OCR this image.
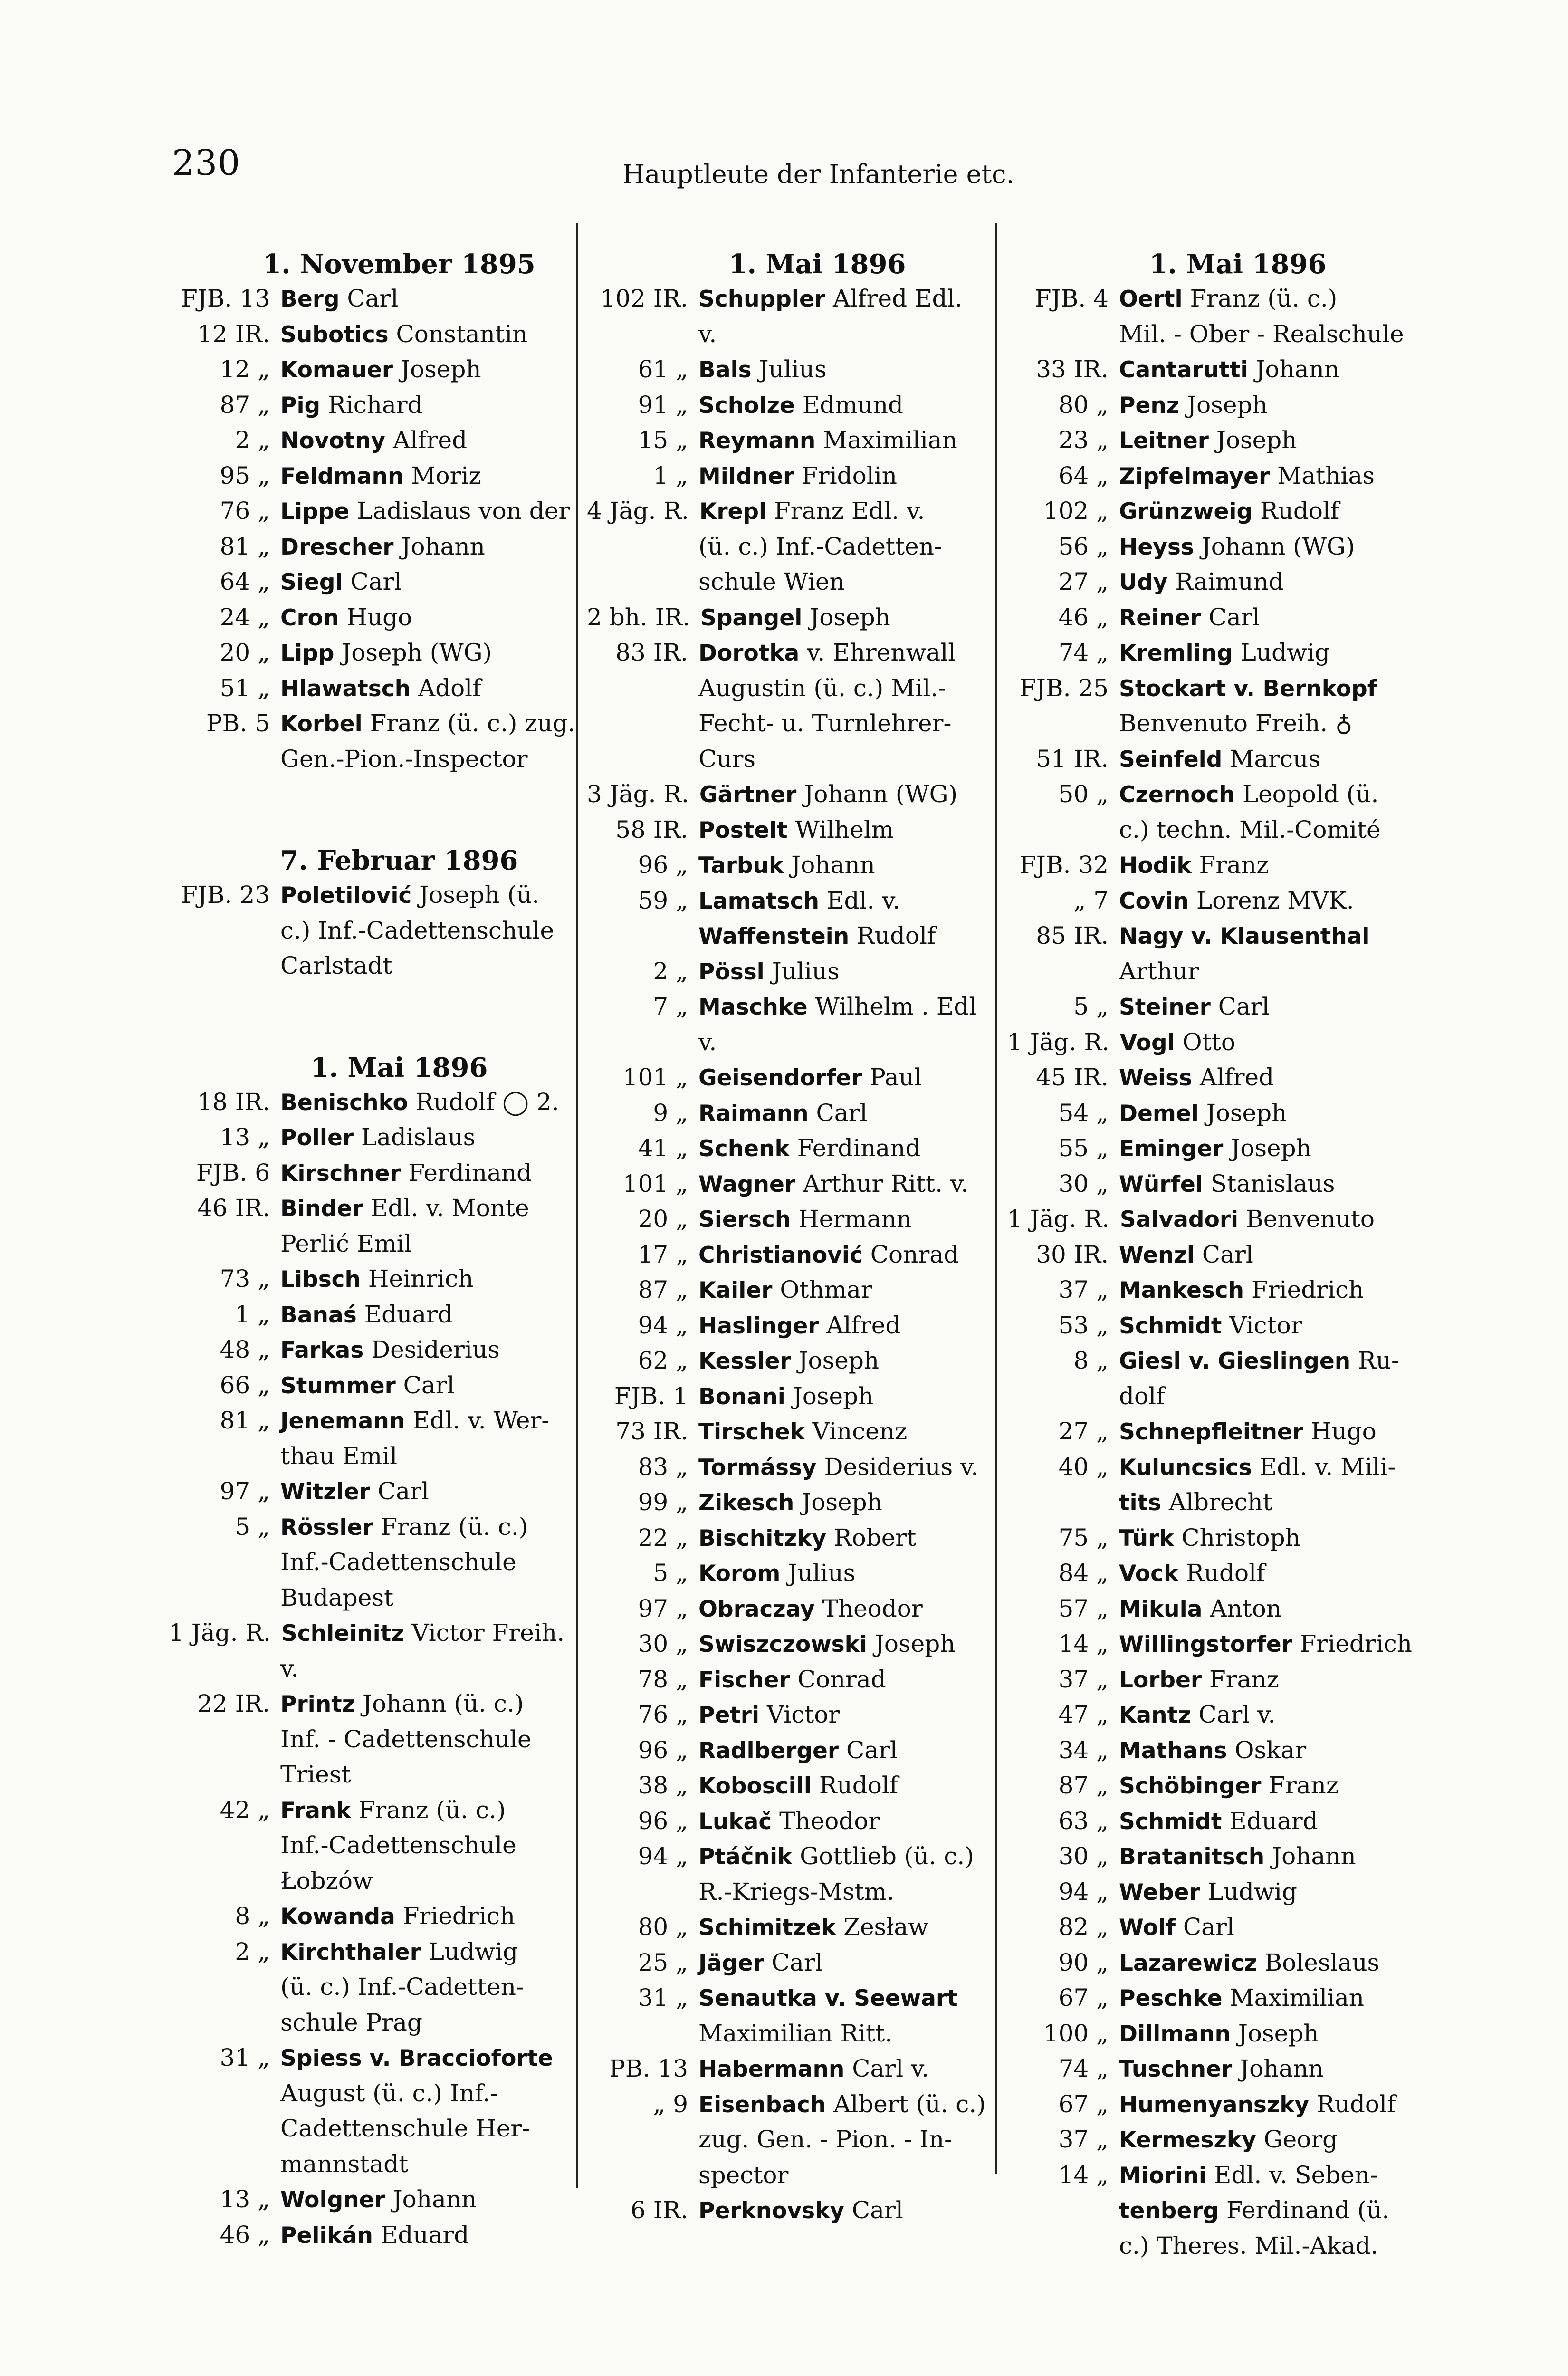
230	Hauptleute der Infanterie etc.
1. November 1895
FJB. 13 Berg Carl
12 IR. Subotics Constantin
12 „ Komauer Joseph
87 „ Pig Richard
2 „ Novotny Alfred
95 „ Feldmann Moriz
76 „ Lippe Ladislaus von der
81 „ Drescher Johann
64 „ Siegl Carl
24 „ Cron Hugo
20 „ Lipp Joseph (WG)
51 „ Hlawatsch Adolf
PB. 5 Korbel Franz (ü. c.) zug.
Gen.-Pion.-Inspector
7. Februar 1896
FJB. 23 Poletilović Joseph (ü.
c.) Inf.-Cadettenschule
Carlstadt
1. Mai 1896
18 IR. Benischko Rudolf ◯ 2.
13 „ Poller Ladislaus
FJB. 6 Kirschner Ferdinand
46 IR. Binder Edl. v. Monte
Perlić Emil
73 „ Libsch Heinrich
1 „ Banaś Eduard
48 „ Farkas Desiderius
66 „ Stummer Carl
81 „ Jenemann Edl. v. Wer-
thau Emil
97 „ Witzler Carl
5 „ Rössler Franz (ü. c.)
Inf.-Cadettenschule
Budapest
1 Jäg. R. Schleinitz Victor Freih.
v.
22 IR. Printz Johann (ü. c.)
Inf. - Cadettenschule
Triest
42 „ Frank Franz (ü. c.)
Inf.-Cadettenschule
Łobzów
8 „ Kowanda Friedrich
2 „ Kirchthaler Ludwig
(ü. c.) Inf.-Cadetten-
schule Prag
31 „ Spiess v. Braccioforte
August (ü. c.) Inf.-
Cadettenschule Her-
mannstadt
13 „ Wolgner Johann
46 „ Pelikán Eduard
1. Mai 1896
102 IR. Schuppler Alfred Edl.
v.
61 „ Bals Julius
91 „ Scholze Edmund
15 „ Reymann Maximilian
1 „ Mildner Fridolin
4 Jäg. R. Krepl Franz Edl. v.
(ü. c.) Inf.-Cadetten-
schule Wien
2 bh. IR. Spangel Joseph
83 IR. Dorotka v. Ehrenwall
Augustin (ü. c.) Mil.-
Fecht- u. Turnlehrer-
Curs
3 Jäg. R. Gärtner Johann (WG)
58 IR. Postelt Wilhelm
96 „ Tarbuk Johann
59 „ Lamatsch Edl. v.
Waffenstein Rudolf
2 „ Pössl Julius
7 „ Maschke Wilhelm . Edl
v.
101 „ Geisendorfer Paul
9 „ Raimann Carl
41 „ Schenk Ferdinand
101 „ Wagner Arthur Ritt. v.
20 „ Siersch Hermann
17 „ Christianović Conrad
87 „ Kailer Othmar
94 „ Haslinger Alfred
62 „ Kessler Joseph
FJB. 1 Bonani Joseph
73 IR. Tirschek Vincenz
83 „ Tormássy Desiderius v.
99 „ Zikesch Joseph
22 „ Bischitzky Robert
5 „ Korom Julius
97 „ Obraczay Theodor
30 „ Swiszczowski Joseph
78 „ Fischer Conrad
76 „ Petri Victor
96 „ Radlberger Carl
38 „ Koboscill Rudolf
96 „ Lukač Theodor
94 „ Ptáčnik Gottlieb (ü. c.)
R.-Kriegs-Mstm.
80 „ Schimitzek Zesław
25 „ Jäger Carl
31 „ Senautka v. Seewart
Maximilian Ritt.
PB. 13 Habermann Carl v.
„ 9 Eisenbach Albert (ü. c.)
zug. Gen. - Pion. - In-
spector
6 IR. Perknovsky Carl
1. Mai 1896
FJB. 4 Oertl Franz (ü. c.)
Mil. - Ober - Realschule
33 IR. Cantarutti Johann
80 „ Penz Joseph
23 „ Leitner Joseph
64 „ Zipfelmayer Mathias
102 „ Grünzweig Rudolf
56 „ Heyss Johann (WG)
27 „ Udy Raimund
46 „ Reiner Carl
74 „ Kremling Ludwig
FJB. 25 Stockart v. Bernkopf
Benvenuto Freih. ♁
51 IR. Seinfeld Marcus
50 „ Czernoch Leopold (ü.
c.) techn. Mil.-Comité
FJB. 32 Hodik Franz
„ 7 Covin Lorenz MVK.
85 IR. Nagy v. Klausenthal
Arthur
5 „ Steiner Carl
1 Jäg. R. Vogl Otto
45 IR. Weiss Alfred
54 „ Demel Joseph
55 „ Eminger Joseph
30 „ Würfel Stanislaus
1 Jäg. R. Salvadori Benvenuto
30 IR. Wenzl Carl
37 „ Mankesch Friedrich
53 „ Schmidt Victor
8 „ Giesl v. Gieslingen Ru-
dolf
27 „ Schnepfleitner Hugo
40 „ Kuluncsics Edl. v. Mili-
tits Albrecht
75 „ Türk Christoph
84 „ Vock Rudolf
57 „ Mikula Anton
14 „ Willingstorfer Friedrich
37 „ Lorber Franz
47 „ Kantz Carl v.
34 „ Mathans Oskar
87 „ Schöbinger Franz
63 „ Schmidt Eduard
30 „ Bratanitsch Johann
94 „ Weber Ludwig
82 „ Wolf Carl
90 „ Lazarewicz Boleslaus
67 „ Peschke Maximilian
100 „ Dillmann Joseph
74 „ Tuschner Johann
67 „ Humenyanszky Rudolf
37 „ Kermeszky Georg
14 „ Miorini Edl. v. Seben-
tenberg Ferdinand (ü.
c.) Theres. Mil.-Akad.
